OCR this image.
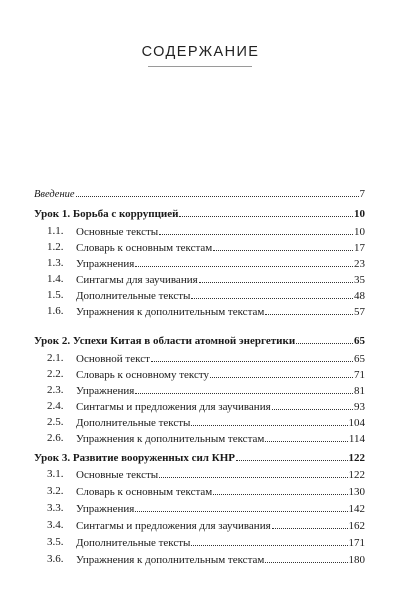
СОДЕРЖАНИЕ
Введение	7
Урок 1. Борьба с коррупцией	10
1.1. Основные тексты	10
1.2. Словарь к основным текстам	17
1.3. Упражнения	23
1.4. Синтагмы для заучивания	35
1.5. Дополнительные тексты	48
1.6. Упражнения к дополнительным текстам	57
Урок 2. Успехи Китая в области атомной энергетики	65
2.1. Основной текст	65
2.2. Словарь к основному тексту	71
2.3. Упражнения	81
2.4. Синтагмы и предложения для заучивания	93
2.5. Дополнительные тексты	104
2.6. Упражнения к дополнительным текстам	114
Урок 3. Развитие вооруженных сил КНР	122
3.1. Основные тексты	122
3.2. Словарь к основным текстам	130
3.3. Упражнения	142
3.4. Синтагмы и предложения для заучивания	162
3.5. Дополнительные тексты	171
3.6. Упражнения к дополнительным текстам	180
